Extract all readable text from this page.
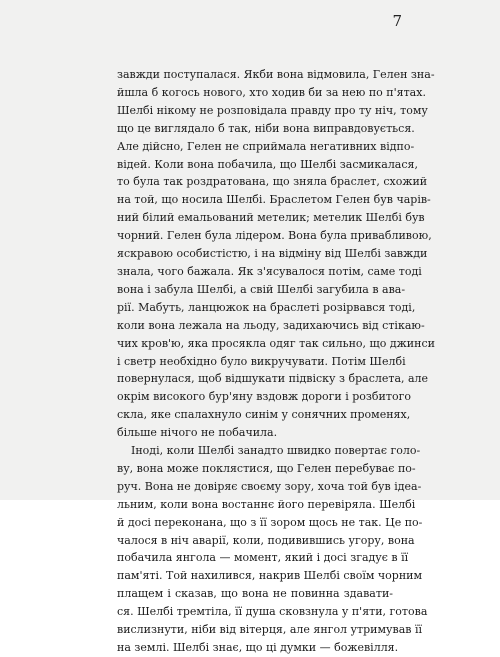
7
завжди поступалася. Якби вона відмовила, Гелен зна-
йшла б когось нового, хто ходив би за нею по п'ятах.
Шелбі нікому не розповідала правду про ту ніч, тому
що це виглядало б так, ніби вона виправдовується.
Але дійсно, Гелен не сприймала негативних відпо-
відей. Коли вона побачила, що Шелбі засмикалася,
то була так роздратована, що зняла браслет, схожий
на той, що носила Шелбі. Браслетом Гелен був чарів-
ний білий емальований метелик; метелик Шелбі був
чорний. Гелен була лідером. Вона була привабливою,
яскравою особистістю, і на відміну від Шелбі завжди
знала, чого бажала. Як з'ясувалося потім, саме тоді
вона і забула Шелбі, а свій Шелбі загубила в ава-
рії. Мабуть, ланцюжок на браслеті розірвався тоді,
коли вона лежала на льоду, задихаючись від стікаю-
чих кров'ю, яка просякла одяг так сильно, що джинси
і светр необхідно було викручувати. Потім Шелбі
повернулася, щоб відшукати підвіску з браслета, але
окрім високого бур'яну вздовж дороги і розбитого
скла, яке спалахнуло синім у сонячних променях,
більше нічого не побачила.
Іноді, коли Шелбі занадто швидко повертає голо-
ву, вона може поклястися, що Гелен перебуває по-
руч. Вона не довіряє своєму зору, хоча той був ідеа-
льним, коли вона востаннє його перевіряла. Шелбі
й досі переконана, що з її зором щось не так. Це по-
чалося в ніч аварії, коли, подивившись угору, вона
побачила янгола — момент, який і досі згадує в її
пам'яті. Той нахилився, накрив Шелбі своїм чорним
плащем і сказав, що вона не повинна здавати-
ся. Шелбі тремтіла, її душа сковзнула у п'яти, готова
вислизнути, ніби від вітерця, але янгол утримував її
на землі. Шелбі знає, що ці думки — божевілля.
